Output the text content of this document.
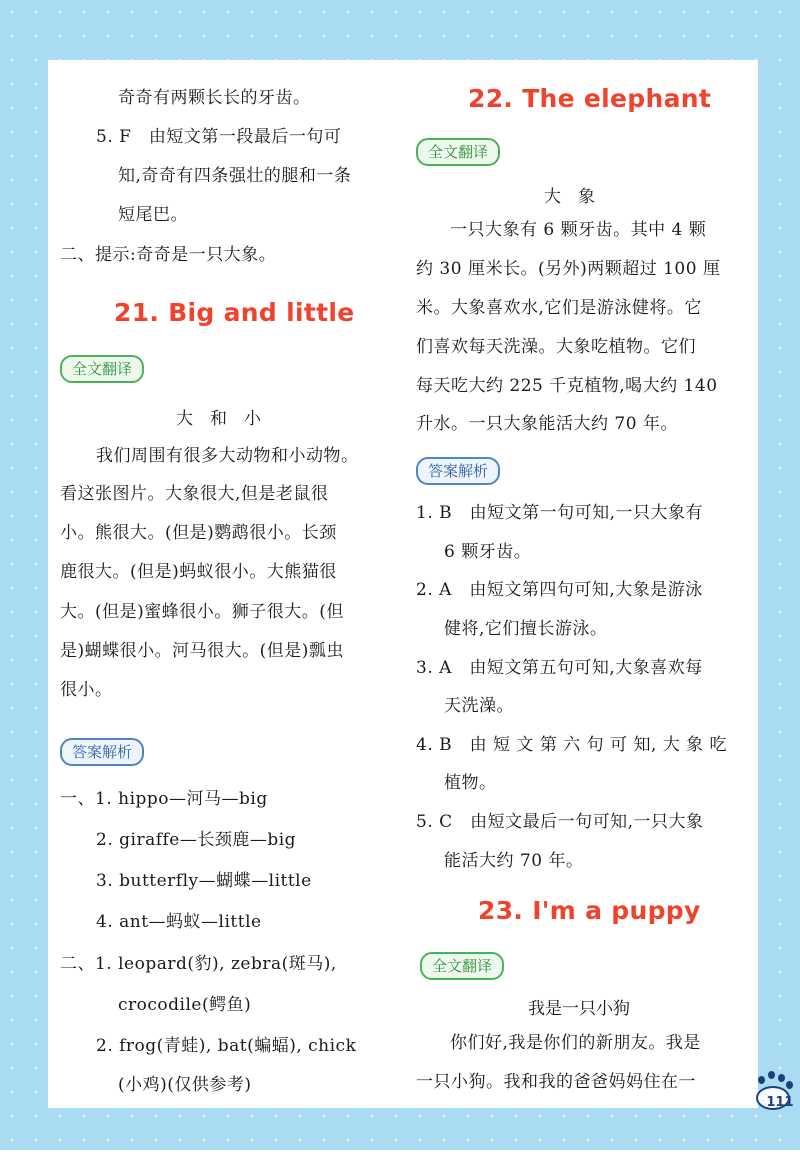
奇奇有两颗长长的牙齿。
5. F　由短文第一段最后一句可
知,奇奇有四条强壮的腿和一条
短尾巴。
二、提示:奇奇是一只大象。
21. Big and little
全文翻译
大　和　小
我们周围有很多大动物和小动物。
看这张图片。大象很大,但是老鼠很
小。熊很大。(但是)鹦鹉很小。长颈
鹿很大。(但是)蚂蚁很小。大熊猫很
大。(但是)蜜蜂很小。狮子很大。(但
是)蝴蝶很小。河马很大。(但是)瓢虫
很小。
答案解析
一、1. hippo—河马—big
2. giraffe—长颈鹿—big
3. butterfly—蝴蝶—little
4. ant—蚂蚁—little
二、1. leopard(豹), zebra(斑马),
crocodile(鳄鱼)
2. frog(青蛙), bat(蝙蝠), chick
(小鸡)(仅供参考)
22. The elephant
全文翻译
大　象
一只大象有 6 颗牙齿。其中 4 颗
约 30 厘米长。(另外)两颗超过 100 厘
米。大象喜欢水,它们是游泳健将。它
们喜欢每天洗澡。大象吃植物。它们
每天吃大约 225 千克植物,喝大约 140
升水。一只大象能活大约 70 年。
答案解析
1. B　由短文第一句可知,一只大象有
6 颗牙齿。
2. A　由短文第四句可知,大象是游泳
健将,它们擅长游泳。
3. A　由短文第五句可知,大象喜欢每
天洗澡。
4. B　由 短 文 第 六 句 可 知, 大 象 吃
植物。
5. C　由短文最后一句可知,一只大象
能活大约 70 年。
23. I'm a puppy
全文翻译
我是一只小狗
你们好,我是你们的新朋友。我是
一只小狗。我和我的爸爸妈妈住在一
111
